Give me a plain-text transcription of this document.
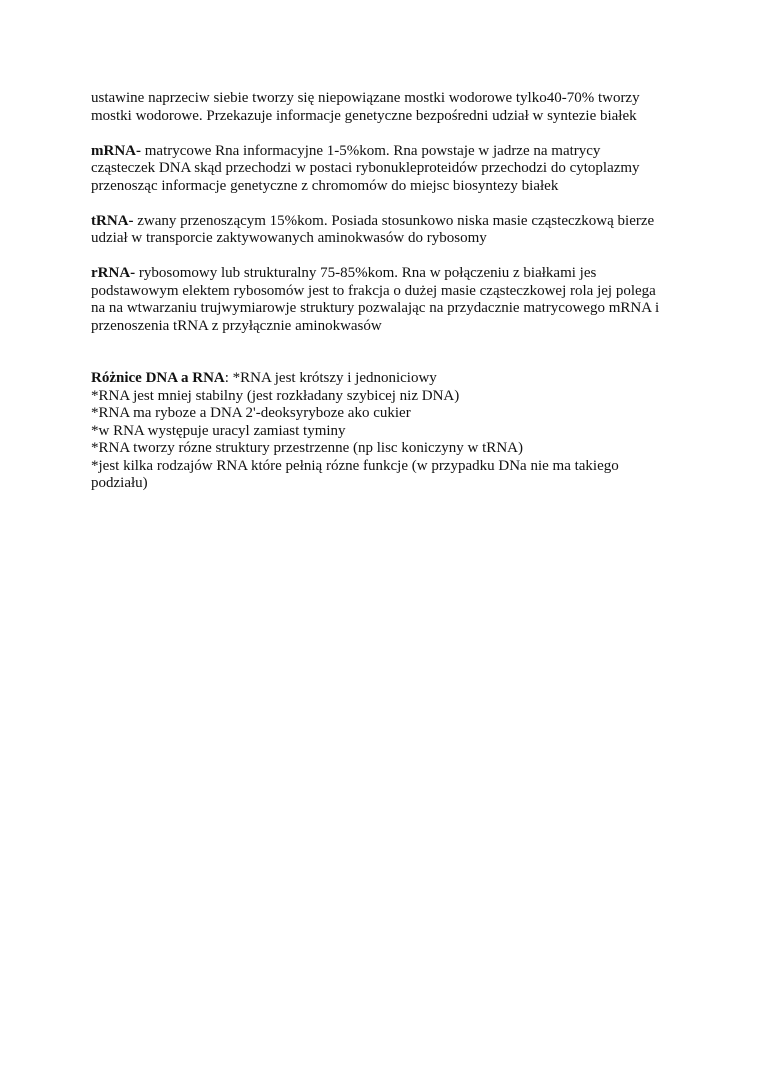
ustawine naprzeciw siebie tworzy się niepowiązane mostki wodorowe tylko40-70% tworzy
mostki wodorowe. Przekazuje informacje genetyczne bezpośredni udział w syntezie białek

mRNA- matrycowe Rna informacyjne 1-5%kom. Rna powstaje w jadrze na matrycy
cząsteczek DNA skąd przechodzi w postaci rybonukleproteidów przechodzi do cytoplazmy
przenosząc informacje genetyczne z chromomów do miejsc biosyntezy białek

tRNA- zwany przenoszącym 15%kom. Posiada stosunkowo niska masie cząsteczkową bierze
udział w transporcie zaktywowanych aminokwasów do rybosomy

rRNA- rybosomowy lub strukturalny 75-85%kom. Rna w połączeniu z białkami jes
podstawowym elektem rybosomów jest to frakcja o dużej masie cząsteczkowej rola jej polega
na na wtwarzaniu trujwymiarowje struktury pozwalając na przydacznie matrycowego mRNA i
przenoszenia tRNA z przyłącznie aminokwasów

Różnice DNA a RNA: *RNA jest krótszy i jednoniciowy
*RNA jest mniej stabilny (jest rozkładany szybicej niz DNA)
*RNA ma ryboze a DNA 2'-deoksyryboze ako cukier
*w RNA występuje uracyl zamiast tyminy
*RNA tworzy rózne struktury przestrzenne (np lisc koniczyny w tRNA)
*jest kilka rodzajów RNA które pełnią rózne funkcje (w przypadku DNa nie ma takiego
podziału)
